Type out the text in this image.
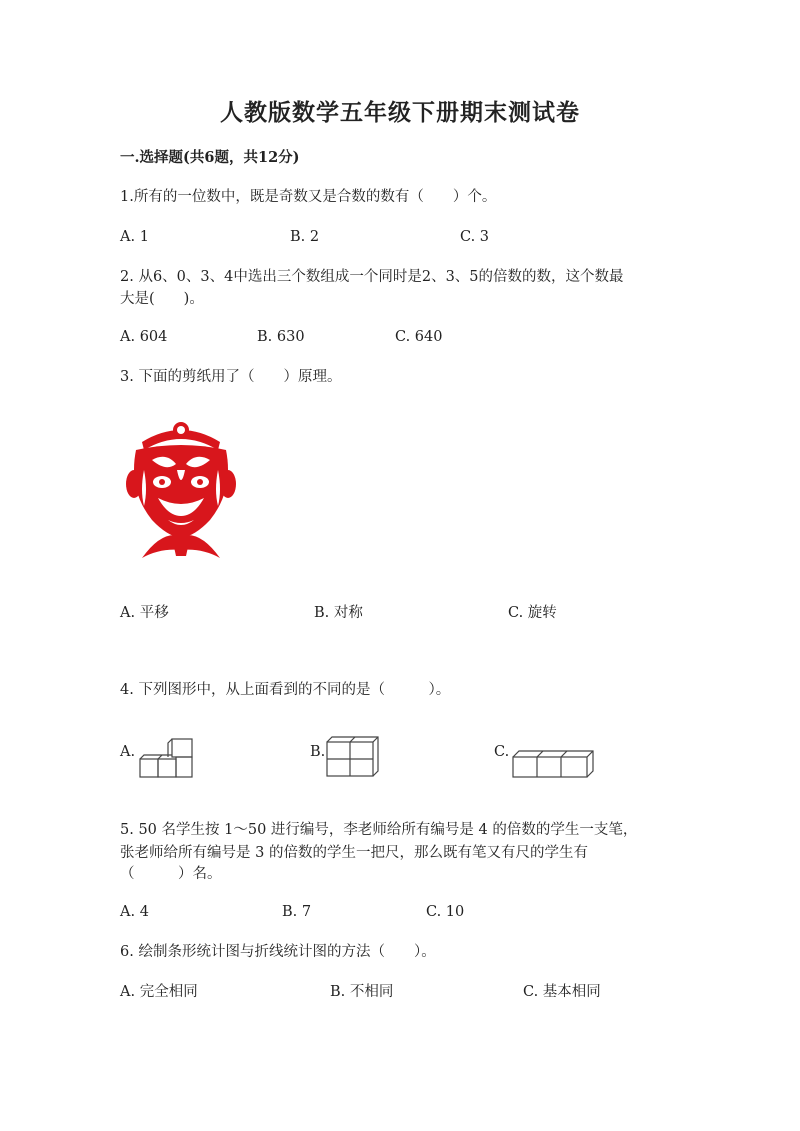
人教版数学五年级下册期末测试卷
一.选择题(共6题，共12分)
1.所有的一位数中，既是奇数又是合数的数有（　　）个。
A. 1	B. 2	C. 3
2. 从6、0、3、4中选出三个数组成一个同时是2、3、5的倍数的数，这个数最
大是(　　)。
A. 604	B. 630	C. 640
3. 下面的剪纸用了（　　）原理。
A. 平移	B. 对称	C. 旋转
4. 下列图形中，从上面看到的不同的是（　　　）。
A.	B.	C.
5. 50 名学生按 1～50 进行编号，李老师给所有编号是 4 的倍数的学生一支笔，
张老师给所有编号是 3 的倍数的学生一把尺，那么既有笔又有尺的学生有
（　　　）名。
A. 4	B. 7	C. 10
6. 绘制条形统计图与折线统计图的方法（　　）。
A. 完全相同	B. 不相同	C. 基本相同
